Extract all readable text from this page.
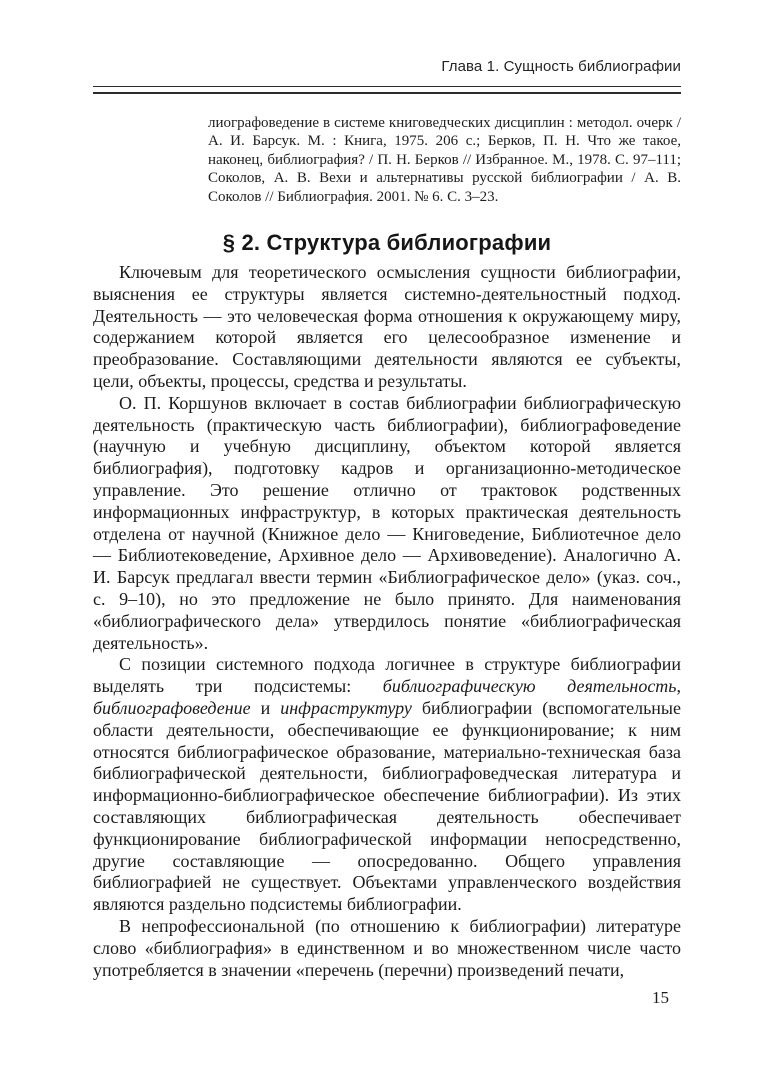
Глава 1. Сущность библиографии
лиографоведение в системе книговедческих дисциплин : методол. очерк / А. И. Барсук. М. : Книга, 1975. 206 с.; Берков, П. Н. Что же такое, наконец, библиография? / П. Н. Берков // Избранное. М., 1978. С. 97–111; Соколов, А. В. Вехи и альтернативы русской библиографии / А. В. Соколов // Библиография. 2001. № 6. С. 3–23.
§ 2. Структура библиографии

Ключевым для теоретического осмысления сущности библиографии, выяснения ее структуры является системно-деятельностный подход. Деятельность — это человеческая форма отношения к окружающему миру, содержанием которой является его целесообразное изменение и преобразование. Составляющими деятельности являются ее субъекты, цели, объекты, процессы, средства и результаты.

О. П. Коршунов включает в состав библиографии библиографическую деятельность (практическую часть библиографии), библиографоведение (научную и учебную дисциплину, объектом которой является библиография), подготовку кадров и организационно-методическое управление. Это решение отлично от трактовок родственных информационных инфраструктур, в которых практическая деятельность отделена от научной (Книжное дело — Книговедение, Библиотечное дело — Библиотековедение, Архивное дело — Архивоведение). Аналогично А. И. Барсук предлагал ввести термин «Библиографическое дело» (указ. соч., с. 9–10), но это предложение не было принято. Для наименования «библиографического дела» утвердилось понятие «библиографическая деятельность».

С позиции системного подхода логичнее в структуре библиографии выделять три подсистемы: библиографическую деятельность, библиографоведение и инфраструктуру библиографии (вспомогательные области деятельности, обеспечивающие ее функционирование; к ним относятся библиографическое образование, материально-техническая база библиографической деятельности, библиографоведческая литература и информационно-библиографическое обеспечение библиографии). Из этих составляющих библиографическая деятельность обеспечивает функционирование библиографической информации непосредственно, другие составляющие — опосредованно. Общего управления библиографией не существует. Объектами управленческого воздействия являются раздельно подсистемы библиографии.

В непрофессиональной (по отношению к библиографии) литературе слово «библиография» в единственном и во множественном числе часто употребляется в значении «перечень (перечни) произведений печати,

15
